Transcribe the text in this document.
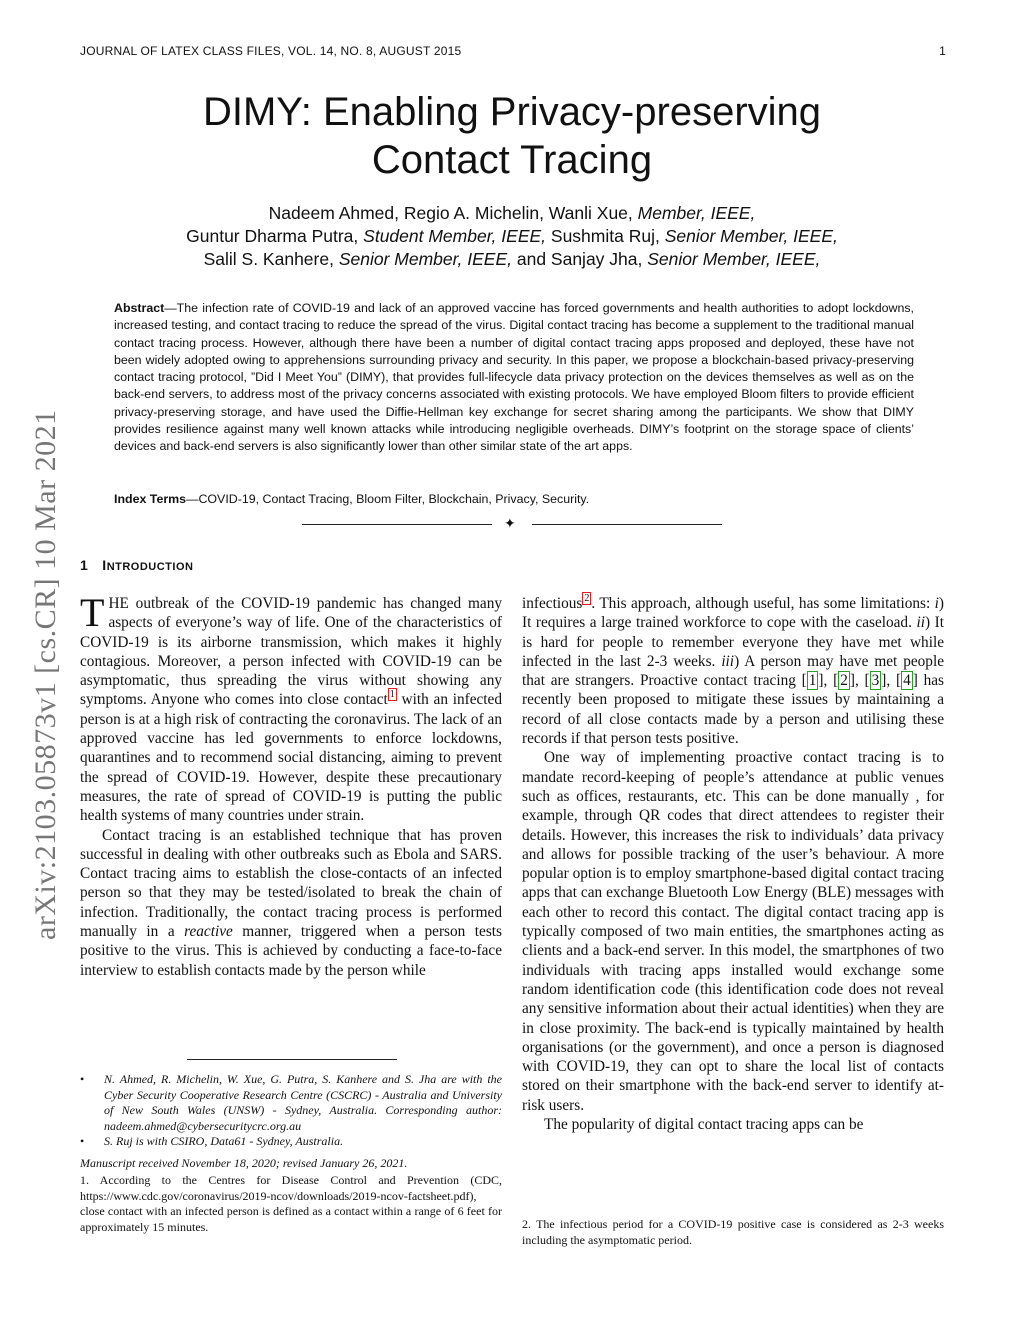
JOURNAL OF LATEX CLASS FILES, VOL. 14, NO. 8, AUGUST 2015	1
arXiv:2103.05873v1 [cs.CR] 10 Mar 2021
DIMY: Enabling Privacy-preserving
Contact Tracing
Nadeem Ahmed, Regio A. Michelin, Wanli Xue, Member, IEEE,
Guntur Dharma Putra, Student Member, IEEE, Sushmita Ruj, Senior Member, IEEE,
Salil S. Kanhere, Senior Member, IEEE, and Sanjay Jha, Senior Member, IEEE,
Abstract—The infection rate of COVID-19 and lack of an approved vaccine has forced governments and health authorities to adopt lockdowns, increased testing, and contact tracing to reduce the spread of the virus. Digital contact tracing has become a supplement to the traditional manual contact tracing process. However, although there have been a number of digital contact tracing apps proposed and deployed, these have not been widely adopted owing to apprehensions surrounding privacy and security. In this paper, we propose a blockchain-based privacy-preserving contact tracing protocol, ”Did I Meet You” (DIMY), that provides full-lifecycle data privacy protection on the devices themselves as well as on the back-end servers, to address most of the privacy concerns associated with existing protocols. We have employed Bloom filters to provide efficient privacy-preserving storage, and have used the Diffie-Hellman key exchange for secret sharing among the participants. We show that DIMY provides resilience against many well known attacks while introducing negligible overheads. DIMY’s footprint on the storage space of clients’ devices and back-end servers is also significantly lower than other similar state of the art apps.
Index Terms—COVID-19, Contact Tracing, Bloom Filter, Blockchain, Privacy, Security.
✦
1 INTRODUCTION

THE outbreak of the COVID-19 pandemic has changed many aspects of everyone’s way of life. One of the characteristics of COVID-19 is its airborne transmission, which makes it highly contagious. Moreover, a person infected with COVID-19 can be asymptomatic, thus spreading the virus without showing any symptoms. Anyone who comes into close contact $^1$ with an infected person is at a high risk of contracting the coronavirus. The lack of an approved vaccine has led governments to enforce lockdowns, quarantines and to recommend social distancing, aiming to prevent the spread of COVID-19. However, despite these precautionary measures, the rate of spread of COVID-19 is putting the public health systems of many countries under strain.

Contact tracing is an established technique that has proven successful in dealing with other outbreaks such as Ebola and SARS. Contact tracing aims to establish the close-contacts of an infected person so that they may be tested/isolated to break the chain of infection. Traditionally, the contact tracing process is performed manually in a reactive manner, triggered when a person tests positive to the virus. This is achieved by conducting a face-to-face interview to establish contacts made by the person while

infectious $^2$ . This approach, although useful, has some limitations: i) It requires a large trained workforce to cope with the caseload. ii) It is hard for people to remember everyone they have met while infected in the last 2-3 weeks. iii) A person may have met people that are strangers. Proactive contact tracing [ 1 ], [ 2 ], [ 3 ], [ 4 ] has recently been proposed to mitigate these issues by maintaining a record of all close contacts made by a person and utilising these records if that person tests positive.

One way of implementing proactive contact tracing is to mandate record-keeping of people’s attendance at public venues such as offices, restaurants, etc. This can be done manually , for example, through QR codes that direct attendees to register their details. However, this increases the risk to individuals’ data privacy and allows for possible tracking of the user’s behaviour. A more popular option is to employ smartphone-based digital contact tracing apps that can exchange Bluetooth Low Energy (BLE) messages with each other to record this contact. The digital contact tracing app is typically composed of two main entities, the smartphones acting as clients and a back-end server. In this model, the smartphones of two individuals with tracing apps installed would exchange some random identification code (this identification code does not reveal any sensitive information about their actual identities) when they are in close proximity. The back-end is typically maintained by health organisations (or the government), and once a person is diagnosed with COVID-19, they can opt to share the local list of contacts stored on their smartphone with the back-end server to identify at-risk users.

The popularity of digital contact tracing apps can be

• N. Ahmed, R. Michelin, W. Xue, G. Putra, S. Kanhere and S. Jha are with the Cyber Security Cooperative Research Centre (CSCRC) - Australia and University of New South Wales (UNSW) - Sydney, Australia. Corresponding author: nadeem.ahmed@cybersecuritycrc.org.au
• S. Ruj is with CSIRO, Data61 - Sydney, Australia.
Manuscript received November 18, 2020; revised January 26, 2021.
1. According to the Centres for Disease Control and Prevention (CDC, https://www.cdc.gov/coronavirus/2019-ncov/downloads/2019-ncov-factsheet.pdf), close contact with an infected person is defined as a contact within a range of 6 feet for approximately 15 minutes.	2. The infectious period for a COVID-19 positive case is considered as 2-3 weeks including the asymptomatic period.
